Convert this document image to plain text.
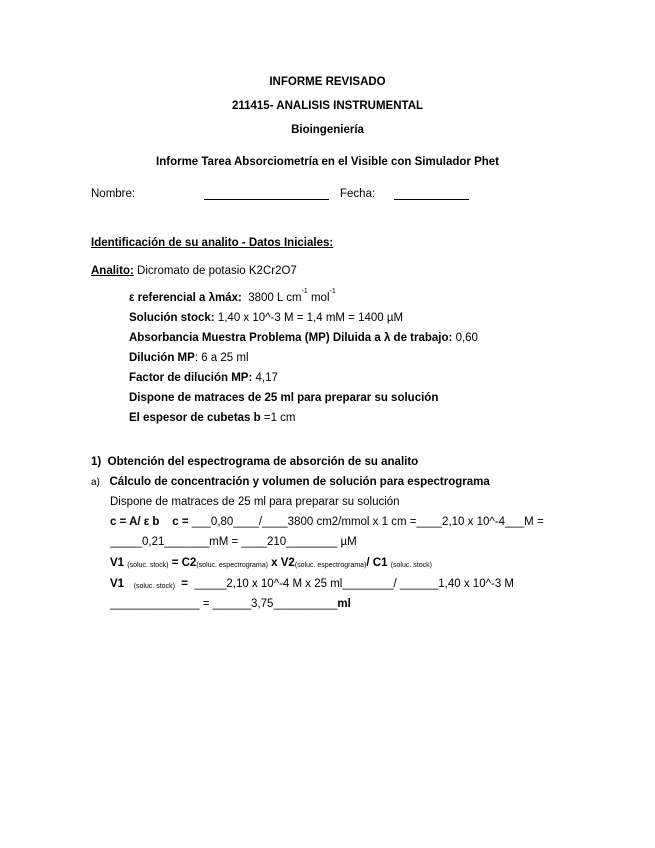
INFORME REVISADO
211415- ANALISIS INSTRUMENTAL
Bioingeniería
Informe Tarea Absorciometría en el Visible con Simulador Phet
Nombre:	Fecha:
Identificación de su analito - Datos Iniciales:
Analito: Dicromato de potasio K2Cr2O7
ε referencial a λmáx: 3800 L $cm^{-1}$ mol$^{-1}$
Solución stock: 1,40 x 10^-3 M = 1,4 mM = 1400 µM
Absorbancia Muestra Problema (MP) Diluida a λ de trabajo: 0,60
Dilución MP: 6 a 25 ml
Factor de dilución MP: 4,17
Dispone de matraces de 25 ml para preparar su solución
El espesor de cubetas b =1 cm
1) Obtención del espectrograma de absorción de su analito
a) Cálculo de concentración y volumen de solución para espectrograma
Dispone de matraces de 25 ml para preparar su solución
c = A/ ε b c = ___0,80____/____3800 cm2/mmol x 1 cm =____2,10 x 10^-4___M =
_____0,21_______mM = ____210________ µM
V1 (soluc. stock) = C2(soluc. espectrograma) x V2(soluc. espectrograma)/ C1 (soluc. stock)
V1 (soluc. stock) = _____2,10 x 10^-4 M x 25 ml________/ ______1,40 x 10^-3 M
______________ = ______3,75__________ml
